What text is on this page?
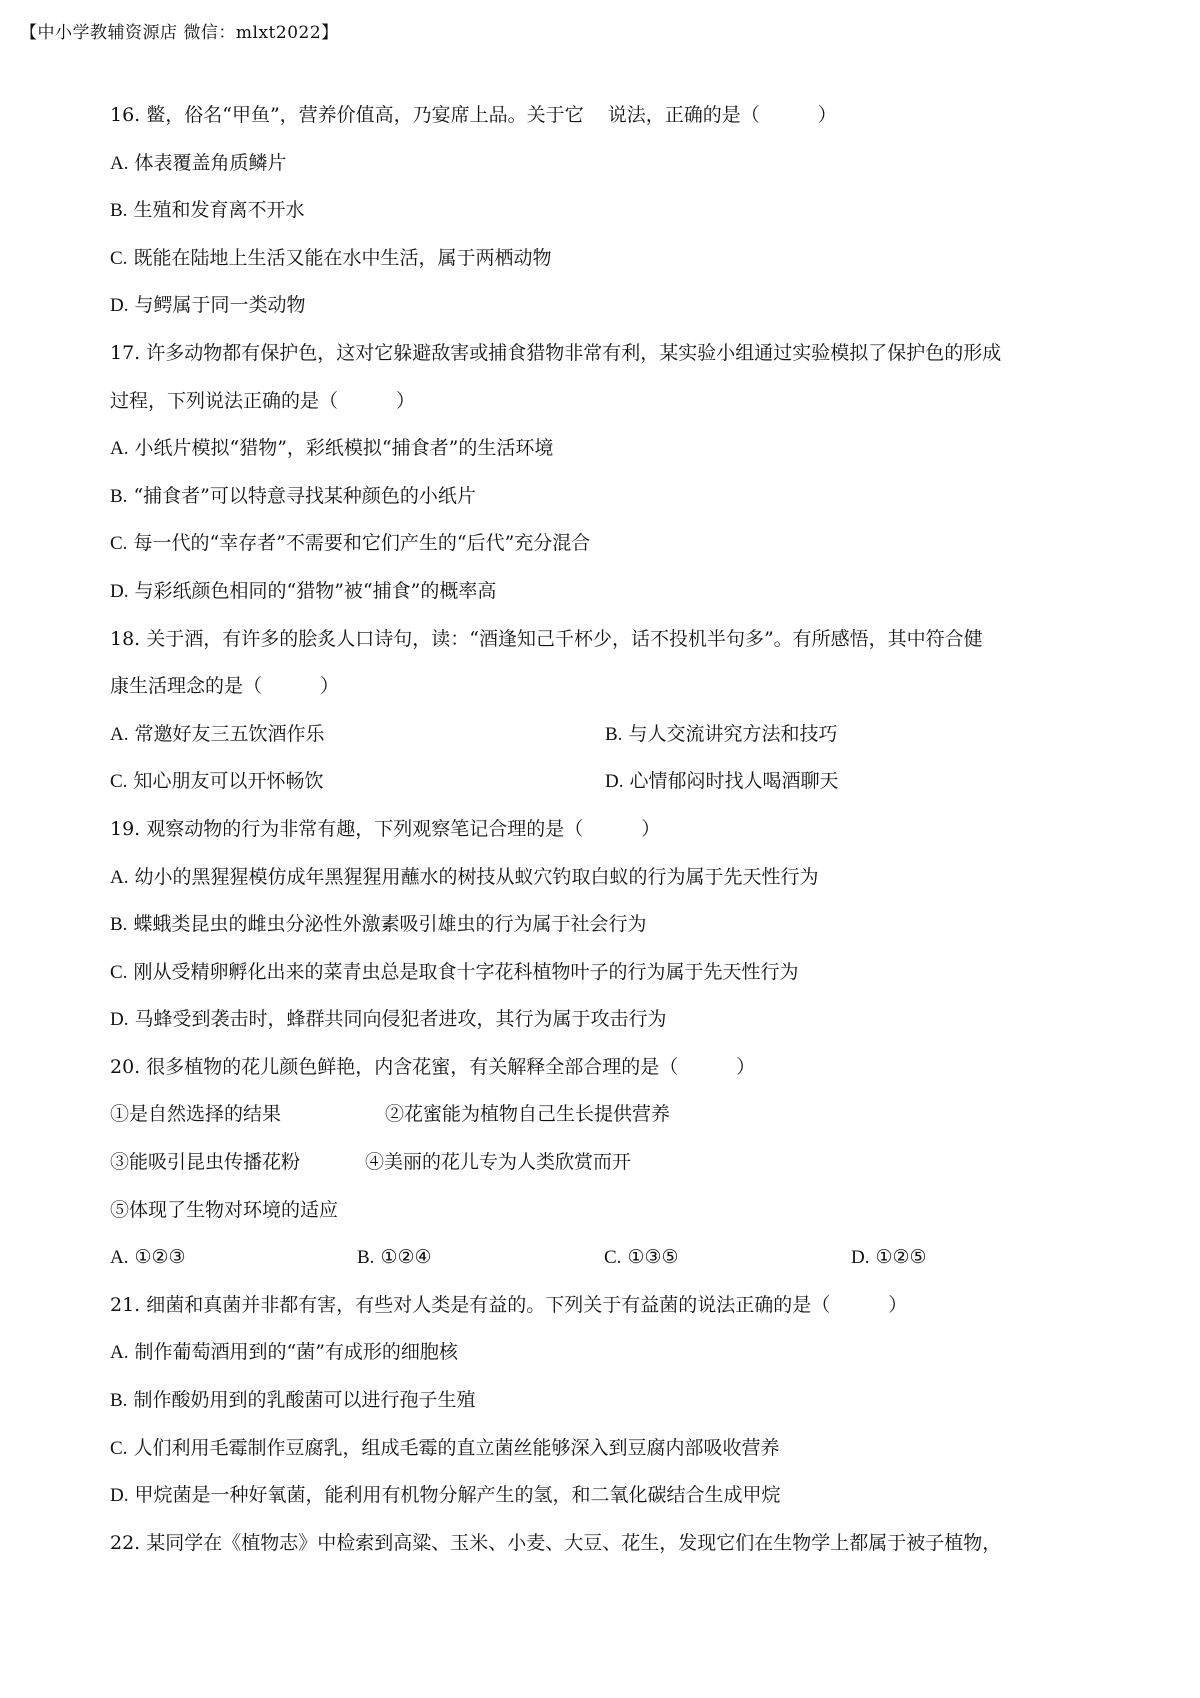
【中小学教辅资源店 微信：mlxt2022】
16. 鳖，俗名“甲鱼”，营养价值高，乃宴席上品。关于它 说法，正确的是（	）
A. 体表覆盖角质鳞片
B. 生殖和发育离不开水
C. 既能在陆地上生活又能在水中生活，属于两栖动物
D. 与鳄属于同一类动物
17. 许多动物都有保护色，这对它躲避敌害或捕食猎物非常有利，某实验小组通过实验模拟了保护色的形成
过程，下列说法正确的是（	）
A. 小纸片模拟“猎物”，彩纸模拟“捕食者”的生活环境
B. “捕食者”可以特意寻找某种颜色的小纸片
C. 每一代的“幸存者”不需要和它们产生的“后代”充分混合
D. 与彩纸颜色相同的“猎物”被“捕食”的概率高
18. 关于酒，有许多的脍炙人口诗句，读：“酒逢知己千杯少，话不投机半句多”。有所感悟，其中符合健
康生活理念的是（	）
A. 常邀好友三五饮酒作乐	B. 与人交流讲究方法和技巧
C. 知心朋友可以开怀畅饮	D. 心情郁闷时找人喝酒聊天
19. 观察动物的行为非常有趣，下列观察笔记合理的是（	）
A. 幼小的黑猩猩模仿成年黑猩猩用蘸水的树技从蚁穴钓取白蚁的行为属于先天性行为
B. 蝶蛾类昆虫的雌虫分泌性外激素吸引雄虫的行为属于社会行为
C. 刚从受精卵孵化出来的菜青虫总是取食十字花科植物叶子的行为属于先天性行为
D. 马蜂受到袭击时，蜂群共同向侵犯者进攻，其行为属于攻击行为
20. 很多植物的花儿颜色鲜艳，内含花蜜，有关解释全部合理的是（	）
①是自然选择的结果	②花蜜能为植物自己生长提供营养
③能吸引昆虫传播花粉	④美丽的花儿专为人类欣赏而开
⑤体现了生物对环境的适应
A. ①②③	B. ①②④	C. ①③⑤	D. ①②⑤
21. 细菌和真菌并非都有害，有些对人类是有益的。下列关于有益菌的说法正确的是（	）
A. 制作葡萄酒用到的“菌”有成形的细胞核
B. 制作酸奶用到的乳酸菌可以进行孢子生殖
C. 人们利用毛霉制作豆腐乳，组成毛霉的直立菌丝能够深入到豆腐内部吸收营养
D. 甲烷菌是一种好氧菌，能利用有机物分解产生的氢，和二氧化碳结合生成甲烷
22. 某同学在《植物志》中检索到高粱、玉米、小麦、大豆、花生，发现它们在生物学上都属于被子植物，
